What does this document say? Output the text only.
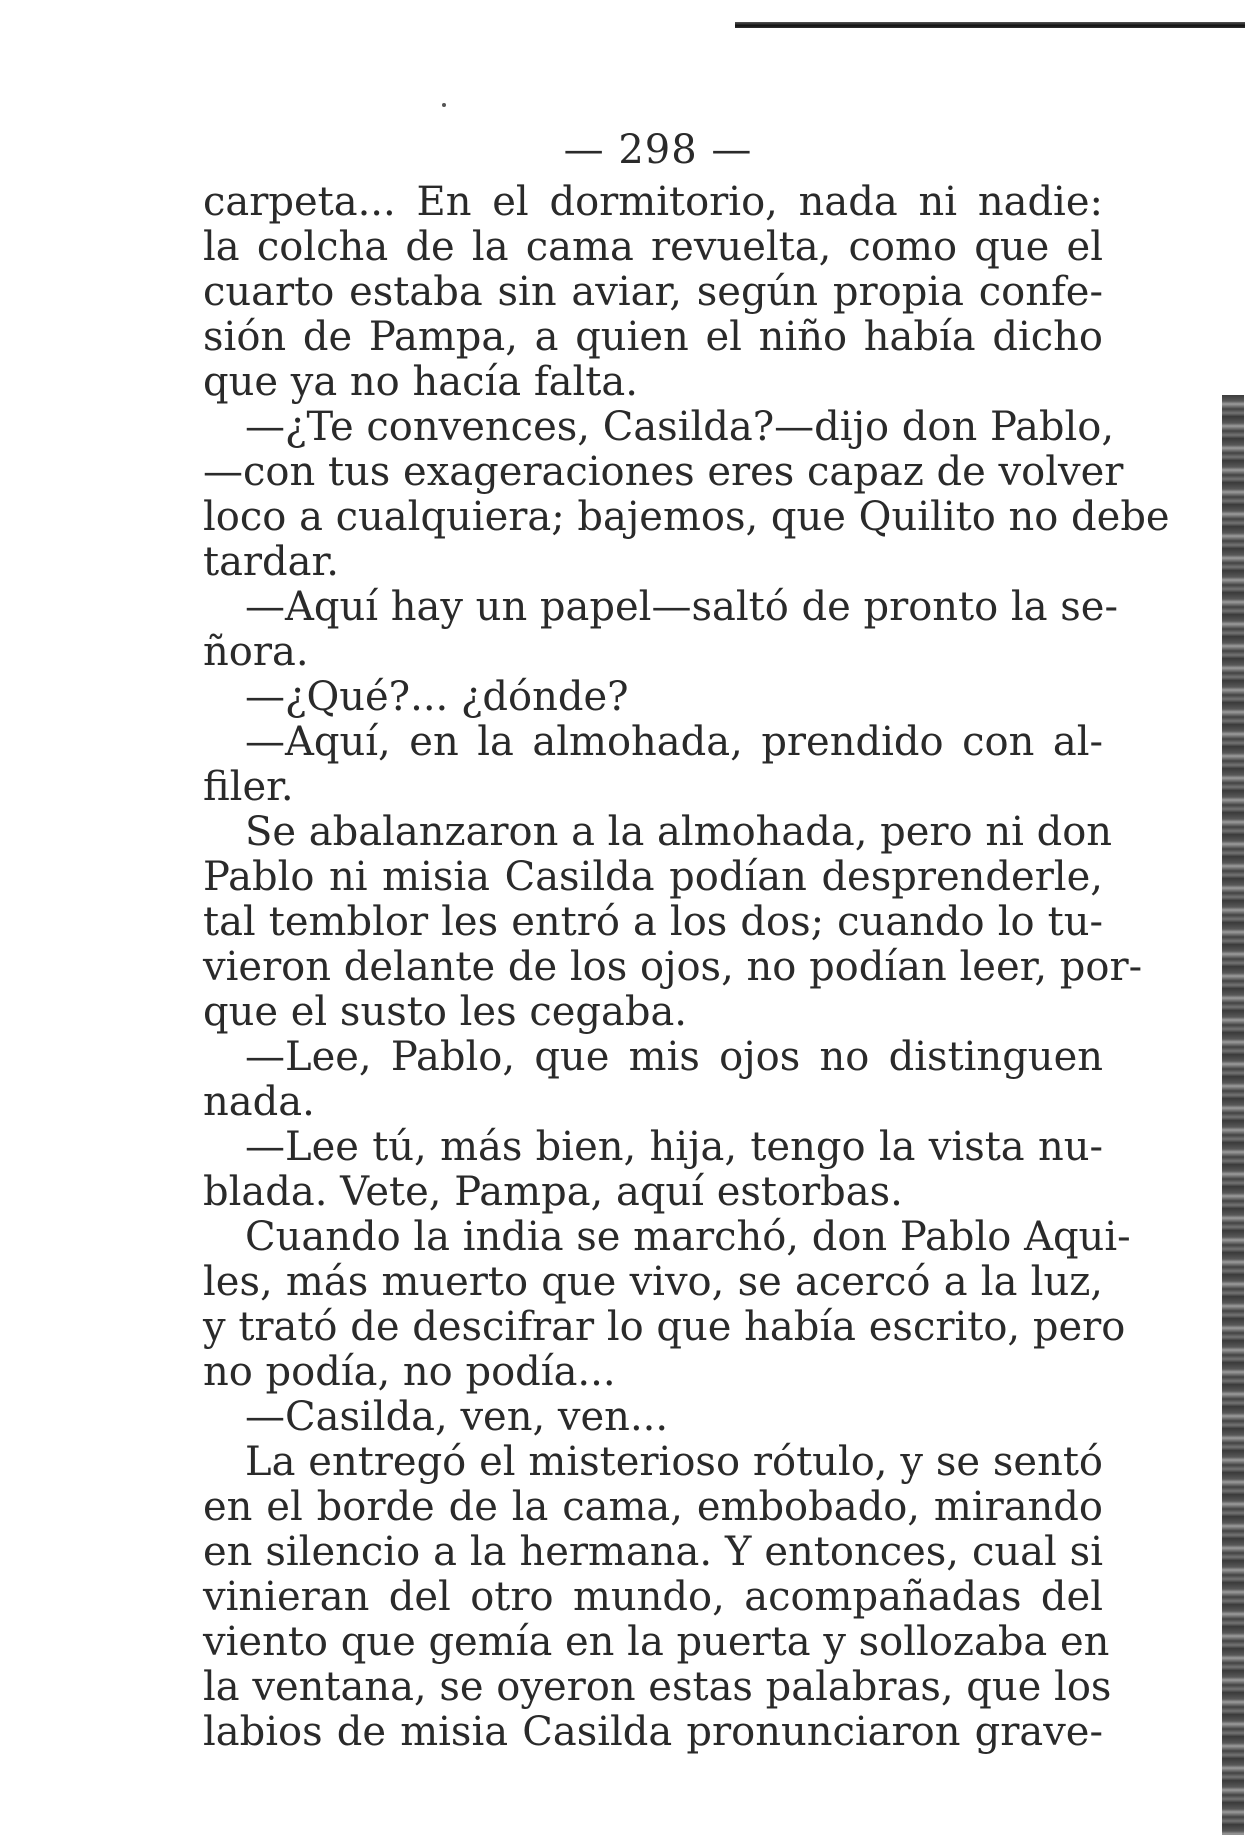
— 298 —
carpeta... En el dormitorio, nada ni nadie:
la colcha de la cama revuelta, como que el
cuarto estaba sin aviar, según propia confe-
sión de Pampa, a quien el niño había dicho
que ya no hacía falta.
—¿Te convences, Casilda?—dijo don Pablo,
—con tus exageraciones eres capaz de volver
loco a cualquiera; bajemos, que Quilito no debe
tardar.
—Aquí hay un papel—saltó de pronto la se-
ñora.
—¿Qué?... ¿dónde?
—Aquí, en la almohada, prendido con al-
filer.
Se abalanzaron a la almohada, pero ni don
Pablo ni misia Casilda podían desprenderle,
tal temblor les entró a los dos; cuando lo tu-
vieron delante de los ojos, no podían leer, por-
que el susto les cegaba.
—Lee, Pablo, que mis ojos no distinguen
nada.
—Lee tú, más bien, hija, tengo la vista nu-
blada. Vete, Pampa, aquí estorbas.
Cuando la india se marchó, don Pablo Aqui-
les, más muerto que vivo, se acercó a la luz,
y trató de descifrar lo que había escrito, pero
no podía, no podía...
—Casilda, ven, ven...
La entregó el misterioso rótulo, y se sentó
en el borde de la cama, embobado, mirando
en silencio a la hermana. Y entonces, cual si
vinieran del otro mundo, acompañadas del
viento que gemía en la puerta y sollozaba en
la ventana, se oyeron estas palabras, que los
labios de misia Casilda pronunciaron grave-
